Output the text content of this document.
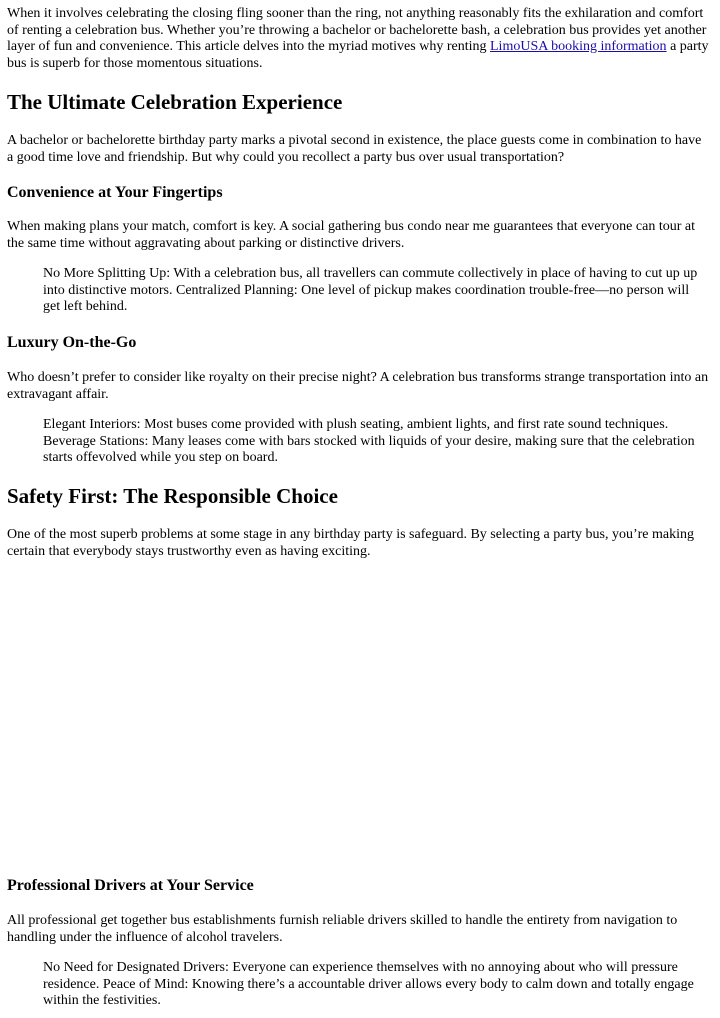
When it involves celebrating the closing fling sooner than the ring, not anything reasonably fits the exhilaration and comfort of renting a celebration bus. Whether you’re throwing a bachelor or bachelorette bash, a celebration bus provides yet another layer of fun and convenience. This article delves into the myriad motives why renting LimoUSA booking information a party bus is superb for those momentous situations.

The Ultimate Celebration Experience

A bachelor or bachelorette birthday party marks a pivotal second in existence, the place guests come in combination to have a good time love and friendship. But why could you recollect a party bus over usual transportation?

Convenience at Your Fingertips

When making plans your match, comfort is key. A social gathering bus condo near me guarantees that everyone can tour at the same time without aggravating about parking or distinctive drivers.

No More Splitting Up: With a celebration bus, all travellers can commute collectively in place of having to cut up up into distinctive motors. Centralized Planning: One level of pickup makes coordination trouble-free—no person will get left behind.
Luxury On-the-Go

Who doesn’t prefer to consider like royalty on their precise night? A celebration bus transforms strange transportation into an extravagant affair.

Elegant Interiors: Most buses come provided with plush seating, ambient lights, and first rate sound techniques. Beverage Stations: Many leases come with bars stocked with liquids of your desire, making sure that the celebration starts offevolved while you step on board.
Safety First: The Responsible Choice

One of the most superb problems at some stage in any birthday party is safeguard. By selecting a party bus, you’re making certain that everybody stays trustworthy even as having exciting.

Professional Drivers at Your Service

All professional get together bus establishments furnish reliable drivers skilled to handle the entirety from navigation to handling under the influence of alcohol travelers.

No Need for Designated Drivers: Everyone can experience themselves with no annoying about who will pressure residence. Peace of Mind: Knowing there’s a accountable driver allows every body to calm down and totally engage within the festivities.
